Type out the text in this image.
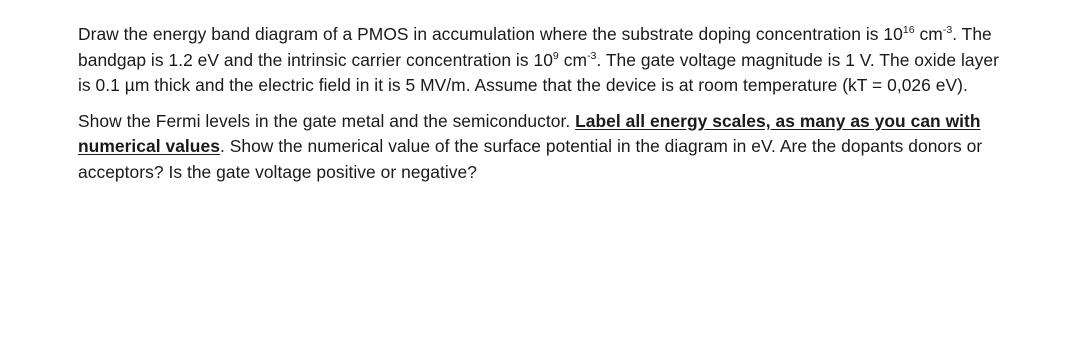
Draw the energy band diagram of a PMOS in accumulation where the substrate doping concentration is $10^{16}$ $cm^{-3}$. The bandgap is 1.2 eV and the intrinsic carrier concentration is $10^9$ $cm^{-3}$. The gate voltage magnitude is 1 V. The oxide layer is 0.1 µm thick and the electric field in it is 5 MV/m. Assume that the device is at room temperature (kT = 0,026 eV).

Show the Fermi levels in the gate metal and the semiconductor. Label all energy scales, as many as you can with numerical values. Show the numerical value of the surface potential in the diagram in eV. Are the dopants donors or acceptors? Is the gate voltage positive or negative?
